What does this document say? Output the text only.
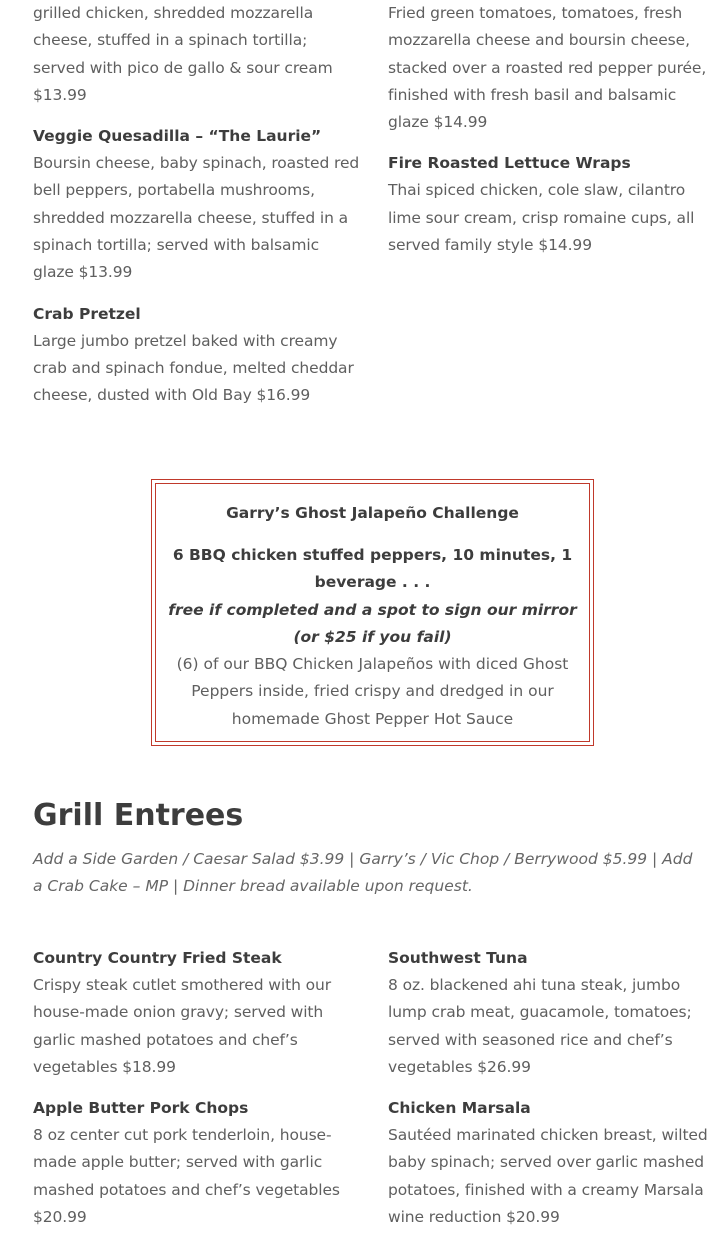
grilled chicken, shredded mozzarella cheese, stuffed in a spinach tortilla; served with pico de gallo & sour cream $13.99

Veggie Quesadilla – “The Laurie”

Boursin cheese, baby spinach, roasted red bell peppers, portabella mushrooms, shredded mozzarella cheese, stuffed in a spinach tortilla; served with balsamic glaze $13.99

Crab Pretzel

Large jumbo pretzel baked with creamy crab and spinach fondue, melted cheddar cheese, dusted with Old Bay $16.99

Fried green tomatoes, tomatoes, fresh mozzarella cheese and boursin cheese, stacked over a roasted red pepper purée, finished with fresh basil and balsamic glaze $14.99

Fire Roasted Lettuce Wraps

Thai spiced chicken, cole slaw, cilantro lime sour cream, crisp romaine cups, all served family style $14.99

Garry’s Ghost Jalapeño Challenge

6 BBQ chicken stuffed peppers, 10 minutes, 1 beverage . . .

free if completed and a spot to sign our mirror (or $25 if you fail)

(6) of our BBQ Chicken Jalapeños with diced Ghost Peppers inside, fried crispy and dredged in our homemade Ghost Pepper Hot Sauce

Grill Entrees

Add a Side Garden / Caesar Salad $3.99 | Garry’s / Vic Chop / Berrywood $5.99 | Add a Crab Cake – MP | Dinner bread available upon request.

Country Country Fried Steak

Crispy steak cutlet smothered with our house-made onion gravy; served with garlic mashed potatoes and chef’s vegetables $18.99

Apple Butter Pork Chops

8 oz center cut pork tenderloin, house-made apple butter; served with garlic mashed potatoes and chef’s vegetables $20.99

Southwest Tuna

8 oz. blackened ahi tuna steak, jumbo lump crab meat, guacamole, tomatoes; served with seasoned rice and chef’s vegetables $26.99

Chicken Marsala

Sautéed marinated chicken breast, wilted baby spinach; served over garlic mashed potatoes, finished with a creamy Marsala wine reduction $20.99
